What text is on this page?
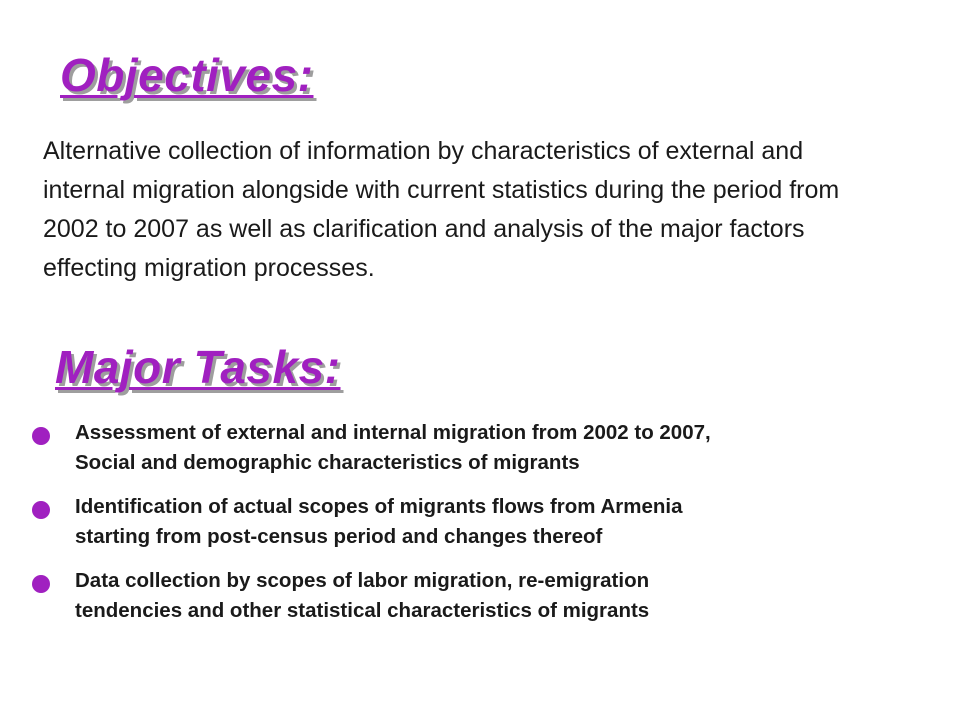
Objectives:
Alternative collection of information by characteristics of external and internal migration alongside with current statistics during the period from 2002 to 2007 as well as clarification and analysis of the major factors effecting migration processes.
Major Tasks:
Assessment of external and internal migration from 2002 to 2007,
Social and demographic characteristics of migrants
Identification of actual scopes of migrants flows from Armenia
starting from post-census period and changes thereof
Data collection by scopes of labor migration, re-emigration
tendencies and other statistical characteristics of migrants
